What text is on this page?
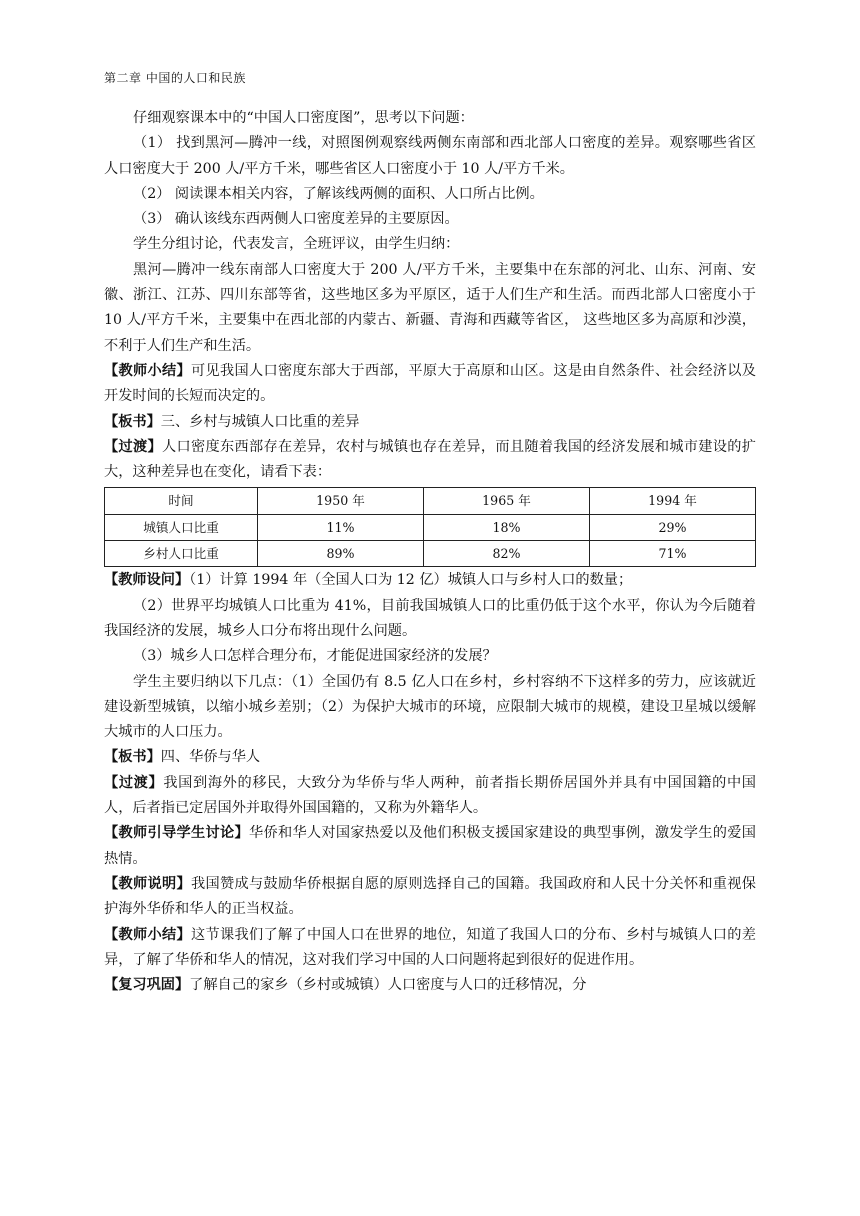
第二章 中国的人口和民族

仔细观察课本中的“中国人口密度图”，思考以下问题：

（1） 找到黑河—腾冲一线，对照图例观察线两侧东南部和西北部人口密度的差异。观察哪些省区人口密度大于 200 人/平方千米，哪些省区人口密度小于 10 人/平方千米。

（2） 阅读课本相关内容，了解该线两侧的面积、人口所占比例。

（3） 确认该线东西两侧人口密度差异的主要原因。

学生分组讨论，代表发言，全班评议，由学生归纳：

黑河—腾冲一线东南部人口密度大于 200 人/平方千米，主要集中在东部的河北、山东、河南、安徽、浙江、江苏、四川东部等省，这些地区多为平原区，适于人们生产和生活。而西北部人口密度小于 10 人/平方千米，主要集中在西北部的内蒙古、新疆、青海和西藏等省区， 这些地区多为高原和沙漠，不利于人们生产和生活。

【教师小结】可见我国人口密度东部大于西部，平原大于高原和山区。这是由自然条件、社会经济以及开发时间的长短而决定的。

【板书】三、乡村与城镇人口比重的差异

【过渡】人口密度东西部存在差异，农村与城镇也存在差异，而且随着我国的经济发展和城市建设的扩大，这种差异也在变化，请看下表：

时间	1950 年	1965 年	1994 年
城镇人口比重	11%	18%	29%
乡村人口比重	89%	82%	71%

【教师设问】（1）计算 1994 年（全国人口为 12 亿）城镇人口与乡村人口的数量；

（2）世界平均城镇人口比重为 41%，目前我国城镇人口的比重仍低于这个水平，你认为今后随着我国经济的发展，城乡人口分布将出现什么问题。

（3）城乡人口怎样合理分布，才能促进国家经济的发展？

学生主要归纳以下几点：（1）全国仍有 8.5 亿人口在乡村，乡村容纳不下这样多的劳力，应该就近建设新型城镇，以缩小城乡差别；（2）为保护大城市的环境，应限制大城市的规模，建设卫星城以缓解大城市的人口压力。

【板书】四、华侨与华人

【过渡】我国到海外的移民，大致分为华侨与华人两种，前者指长期侨居国外并具有中国国籍的中国人，后者指已定居国外并取得外国国籍的，又称为外籍华人。

【教师引导学生讨论】华侨和华人对国家热爱以及他们积极支援国家建设的典型事例，激发学生的爱国热情。

【教师说明】我国赞成与鼓励华侨根据自愿的原则选择自己的国籍。我国政府和人民十分关怀和重视保护海外华侨和华人的正当权益。

【教师小结】这节课我们了解了中国人口在世界的地位，知道了我国人口的分布、乡村与城镇人口的差异，了解了华侨和华人的情况，这对我们学习中国的人口问题将起到很好的促进作用。

【复习巩固】了解自己的家乡（乡村或城镇）人口密度与人口的迁移情况，分
